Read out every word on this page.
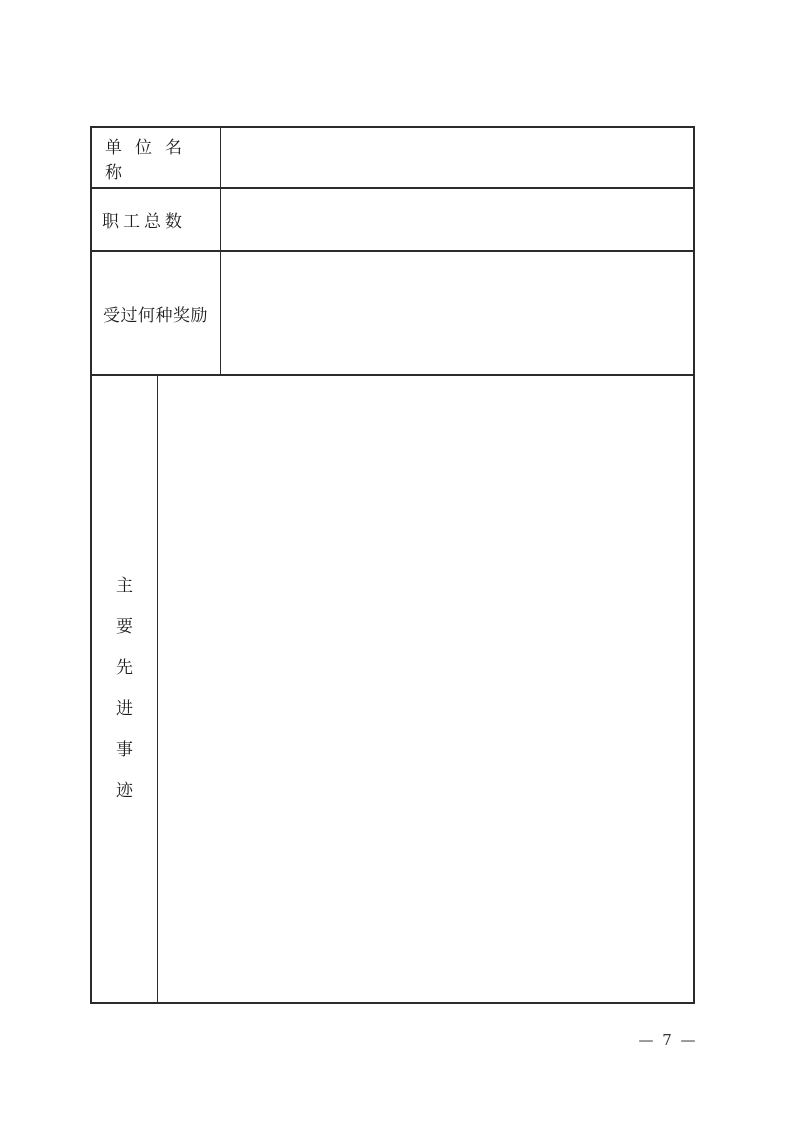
单位名称
职工总数
受过何种奖励
主
要
先
进
事
迹
— 7 —
